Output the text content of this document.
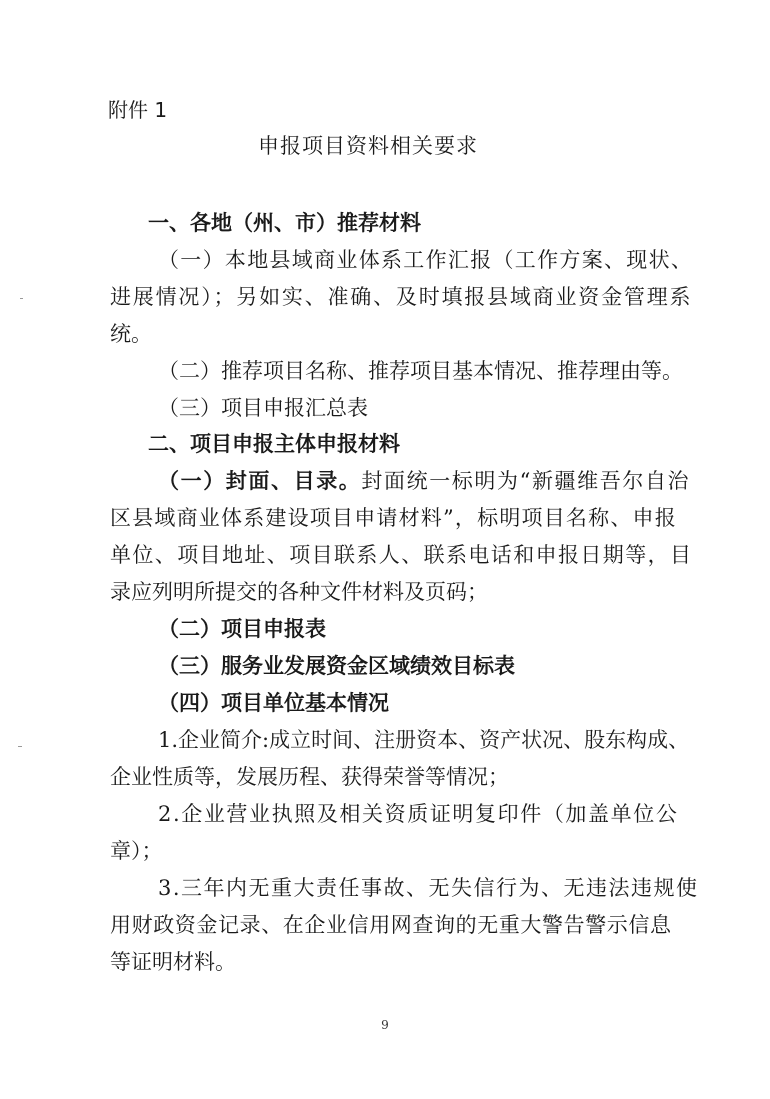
附件 1
申报项目资料相关要求
一、各地（州、市）推荐材料
（一）本地县域商业体系工作汇报（工作方案、现状、
进展情况）；另如实、准确、及时填报县域商业资金管理系
统。
（二）推荐项目名称、推荐项目基本情况、推荐理由等。
（三）项目申报汇总表
二、项目申报主体申报材料
（一）封面、目录。封面统一标明为“新疆维吾尔自治
区县域商业体系建设项目申请材料”，标明项目名称、申报
单位、项目地址、项目联系人、联系电话和申报日期等，目
录应列明所提交的各种文件材料及页码；
（二）项目申报表
（三）服务业发展资金区域绩效目标表
（四）项目单位基本情况
1.企业简介:成立时间、注册资本、资产状况、股东构成、
企业性质等，发展历程、获得荣誉等情况；
2.企业营业执照及相关资质证明复印件（加盖单位公
章）；
3.三年内无重大责任事故、无失信行为、无违法违规使
用财政资金记录、在企业信用网查询的无重大警告警示信息
等证明材料。
9
